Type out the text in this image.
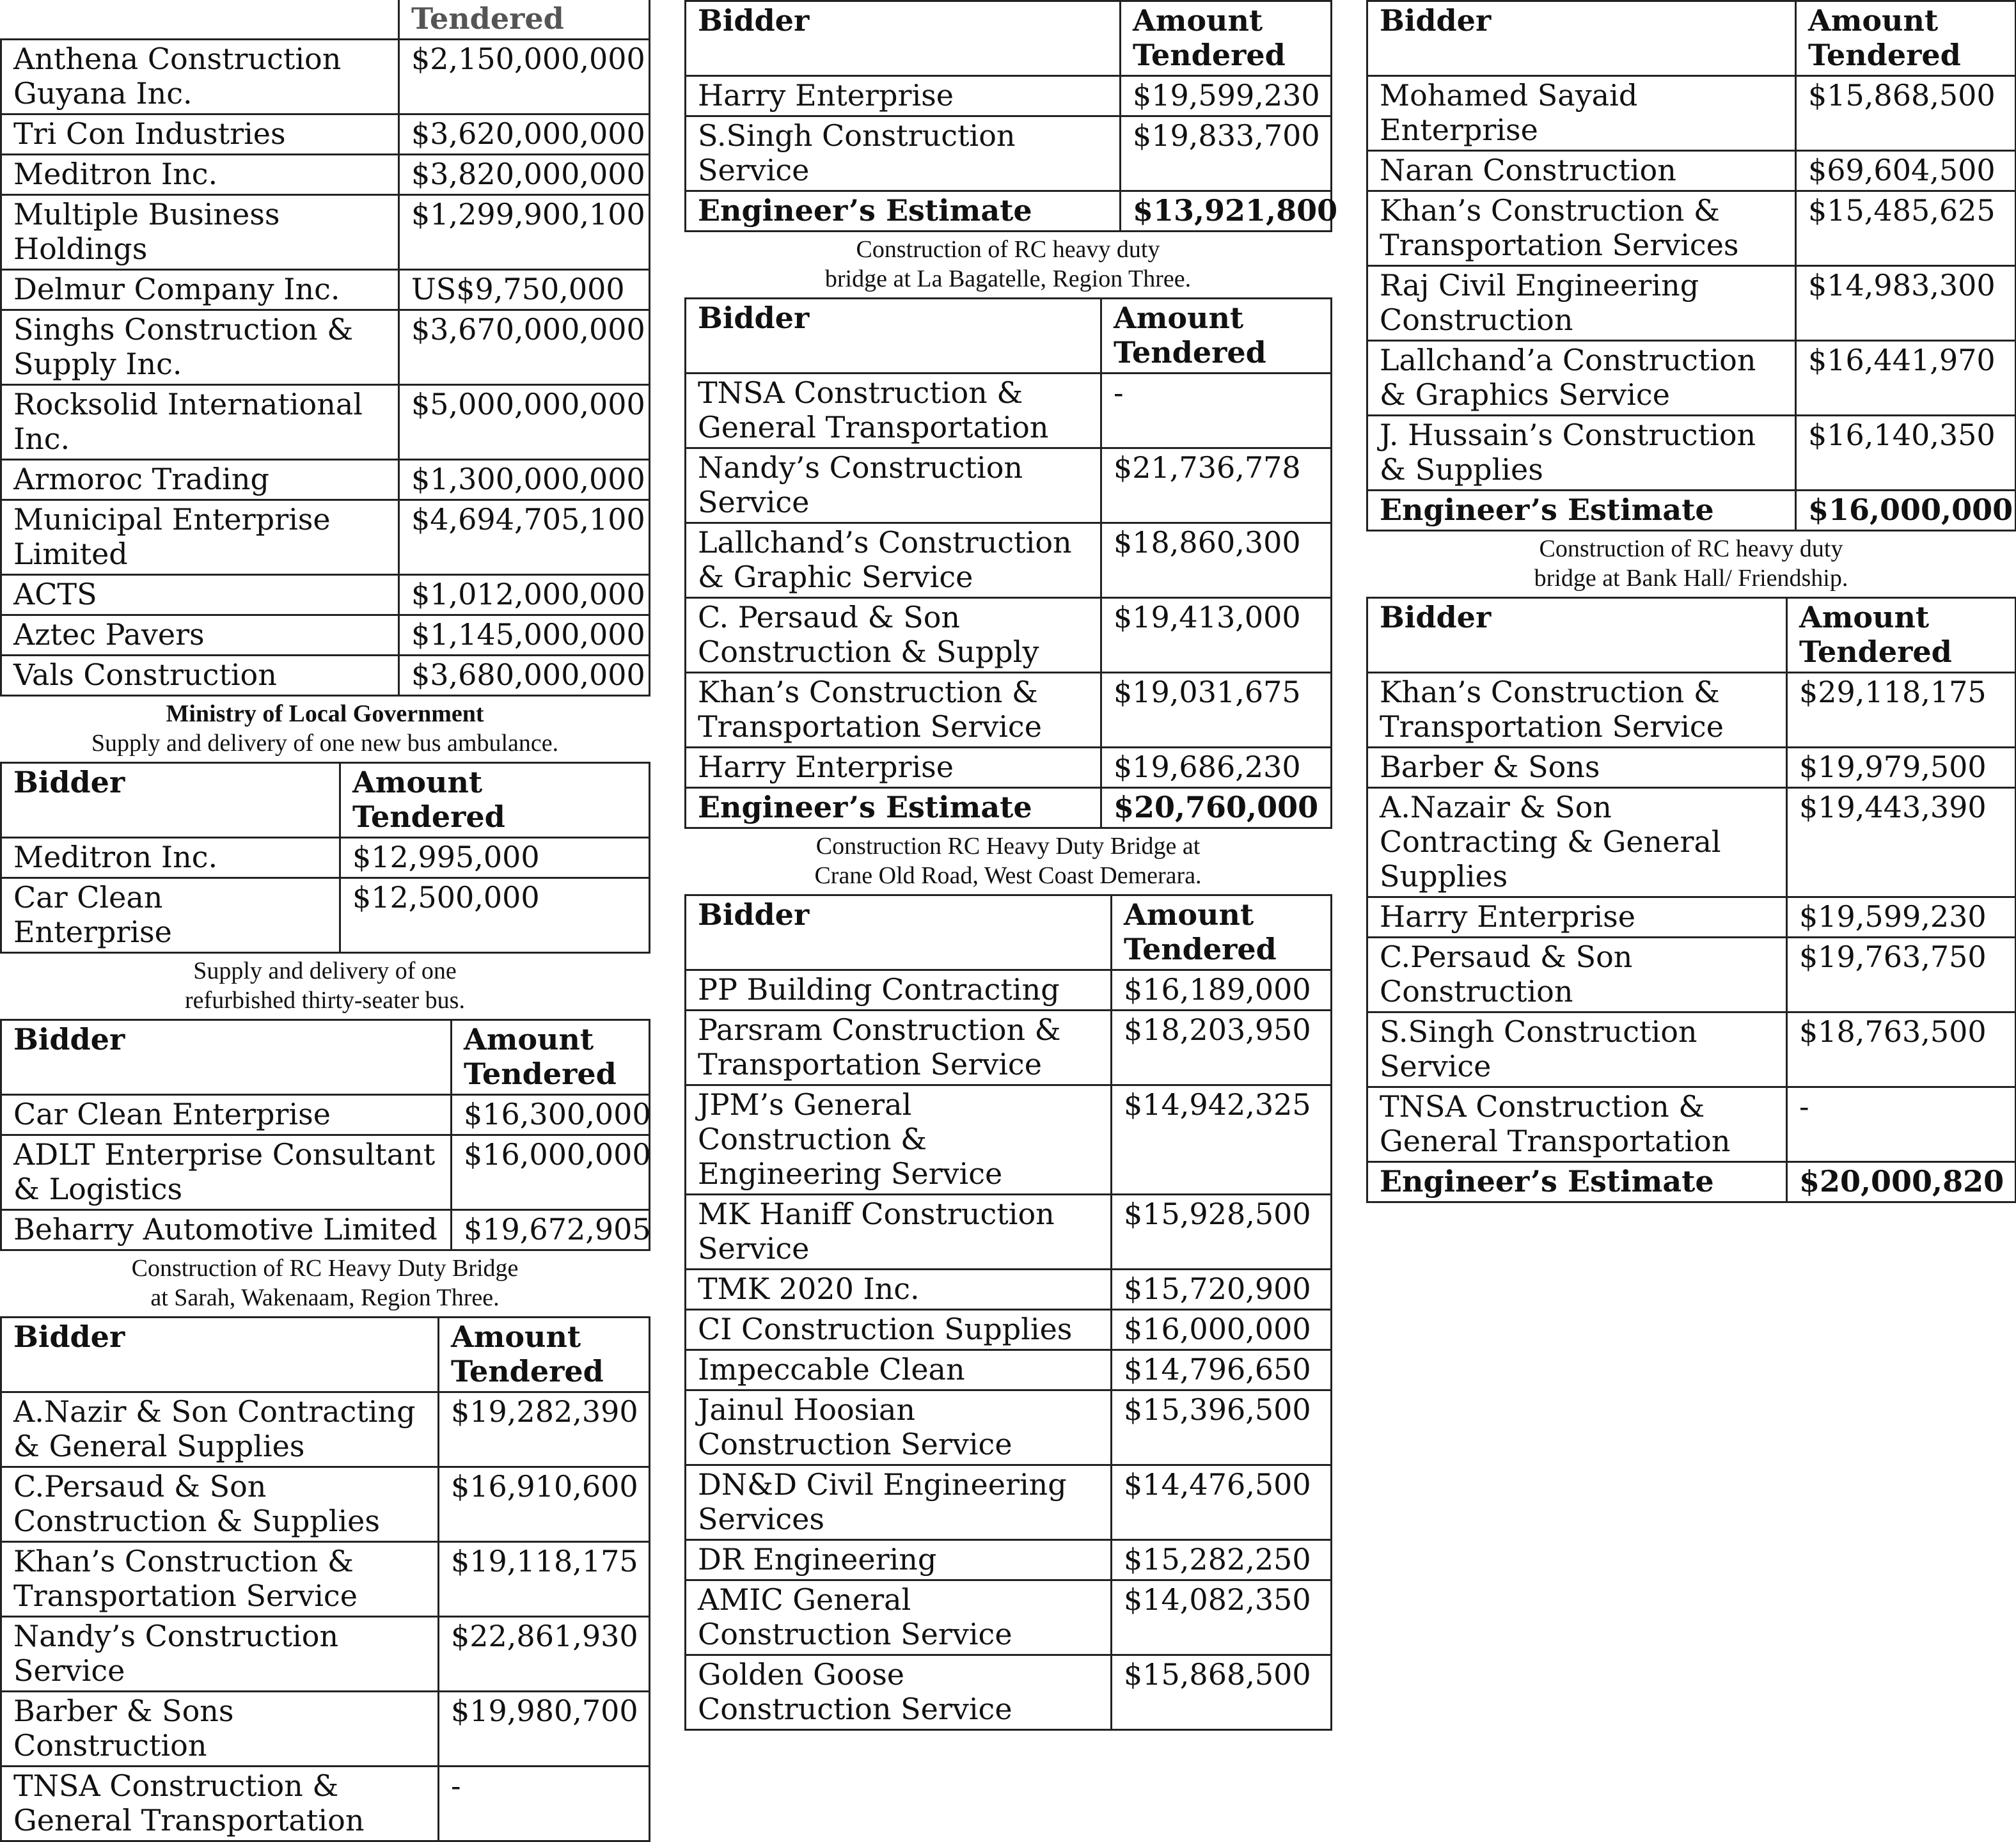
	Tendered
Anthena Construction Guyana Inc.	$2,150,000,000
Tri Con Industries	$3,620,000,000
Meditron Inc.	$3,820,000,000
Multiple Business Holdings	$1,299,900,100
Delmur Company Inc.	US$9,750,000
Singhs Construction & Supply Inc.	$3,670,000,000
Rocksolid International Inc.	$5,000,000,000
Armoroc Trading	$1,300,000,000
Municipal Enterprise Limited	$4,694,705,100
ACTS	$1,012,000,000
Aztec Pavers	$1,145,000,000
Vals Construction	$3,680,000,000
Ministry of Local Government
Supply and delivery of one new bus ambulance.
Bidder	Amount Tendered
Meditron Inc.	$12,995,000
Car Clean Enterprise	$12,500,000
Supply and delivery of one
refurbished thirty-seater bus.
Bidder	Amount Tendered
Car Clean Enterprise	$16,300,000
ADLT Enterprise Consultant & Logistics	$16,000,000
Beharry Automotive Limited	$19,672,905
Construction of RC Heavy Duty Bridge
at Sarah, Wakenaam, Region Three.
Bidder	Amount Tendered
A.Nazir & Son Contracting & General Supplies	$19,282,390
C.Persaud & Son Construction & Supplies	$16,910,600
Khan’s Construction & Transportation Service	$19,118,175
Nandy’s Construction Service	$22,861,930
Barber & Sons Construction	$19,980,700
TNSA Construction & General Transportation	-
Bidder	Amount Tendered
Harry Enterprise	$19,599,230
S.Singh Construction Service	$19,833,700
Engineer’s Estimate	$13,921,800
Construction of RC heavy duty
bridge at La Bagatelle, Region Three.
Bidder	Amount Tendered
TNSA Construction & General Transportation	-
Nandy’s Construction Service	$21,736,778
Lallchand’s Construction & Graphic Service	$18,860,300
C. Persaud & Son Construction & Supply	$19,413,000
Khan’s Construction & Transportation Service	$19,031,675
Harry Enterprise	$19,686,230
Engineer’s Estimate	$20,760,000
Construction RC Heavy Duty Bridge at
Crane Old Road, West Coast Demerara.
Bidder	Amount Tendered
PP Building Contracting	$16,189,000
Parsram Construction & Transportation Service	$18,203,950
JPM’s General Construction & Engineering Service	$14,942,325
MK Haniff Construction Service	$15,928,500
TMK 2020 Inc.	$15,720,900
CI Construction Supplies	$16,000,000
Impeccable Clean	$14,796,650
Jainul Hoosian Construction Service	$15,396,500
DN&D Civil Engineering Services	$14,476,500
DR Engineering	$15,282,250
AMIC General Construction Service	$14,082,350
Golden Goose Construction Service	$15,868,500
Bidder	Amount Tendered
Mohamed Sayaid Enterprise	$15,868,500
Naran Construction	$69,604,500
Khan’s Construction & Transportation Services	$15,485,625
Raj Civil Engineering Construction	$14,983,300
Lallchand’a Construction & Graphics Service	$16,441,970
J. Hussain’s Construction & Supplies	$16,140,350
Engineer’s Estimate	$16,000,000
Construction of RC heavy duty
bridge at Bank Hall/ Friendship.
Bidder	Amount Tendered
Khan’s Construction & Transportation Service	$29,118,175
Barber & Sons	$19,979,500
A.Nazair & Son Contracting & General Supplies	$19,443,390
Harry Enterprise	$19,599,230
C.Persaud & Son Construction	$19,763,750
S.Singh Construction Service	$18,763,500
TNSA Construction & General Transportation	-
Engineer’s Estimate	$20,000,820
